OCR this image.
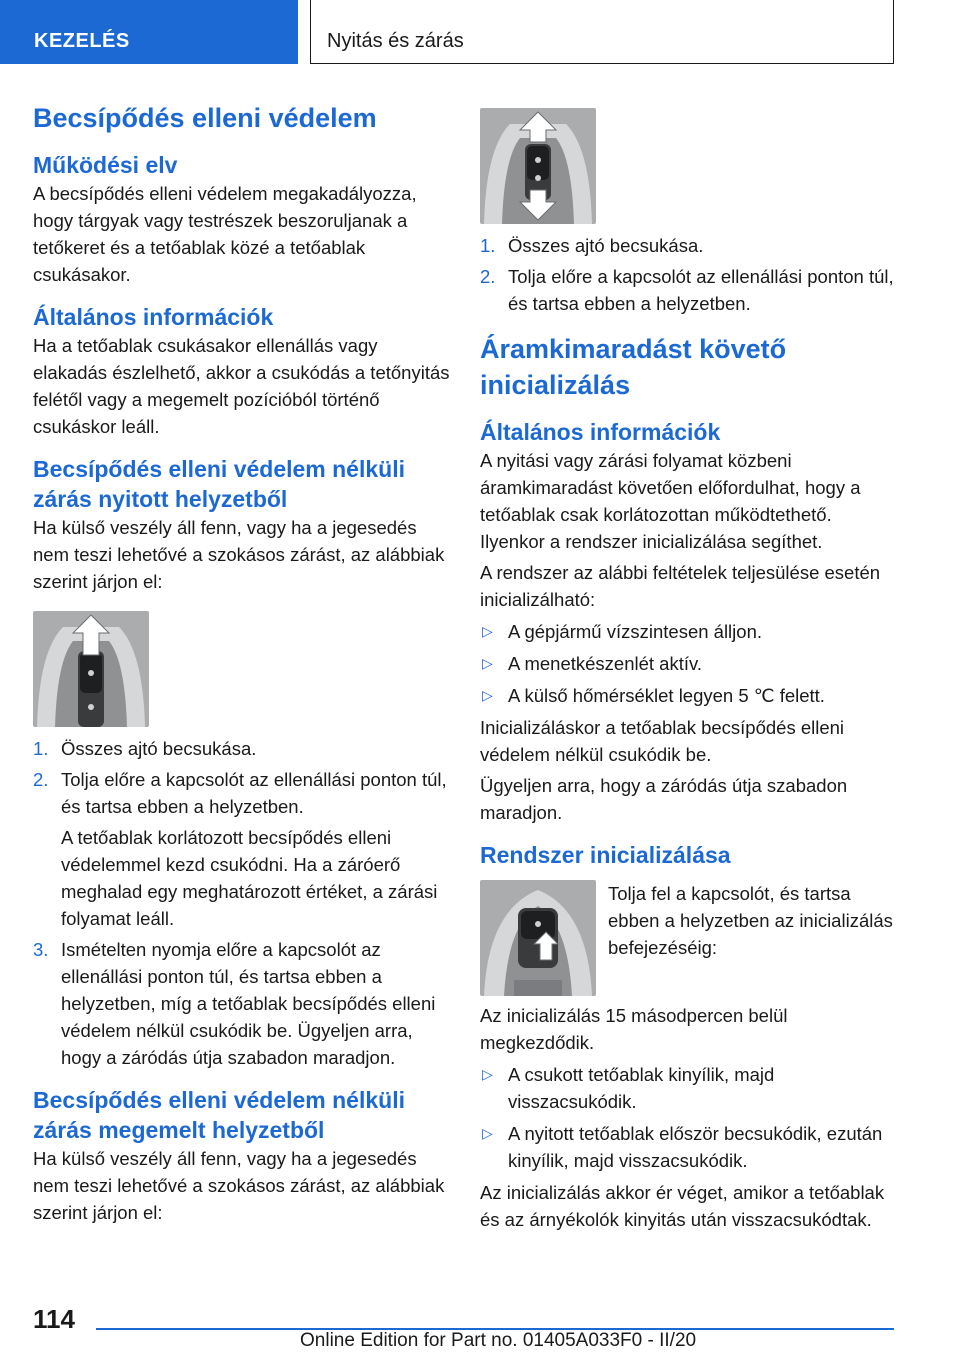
KEZELÉS	Nyitás és zárás
Becsípődés elleni védelem
Működési elv

A becsípődés elleni védelem megakadályozza, hogy tárgyak vagy testrészek beszoruljanak a tetőkeret és a tetőablak közé a tetőablak csukásakor.

Általános információk

Ha a tetőablak csukásakor ellenállás vagy elakadás észlelhető, akkor a csukódás a tetőnyitás felétől vagy a megemelt pozícióból történő csukáskor leáll.

Becsípődés elleni védelem nélküli zárás nyitott helyzetből

Ha külső veszély áll fenn, vagy ha a jegesedés nem teszi lehetővé a szokásos zárást, az alábbiak szerint járjon el:

1. Összes ajtó becsukása.
2. Tolja előre a kapcsolót az ellenállási ponton túl, és tartsa ebben a helyzetben.
A tetőablak korlátozott becsípődés elleni védelemmel kezd csukódni. Ha a záróerő meghalad egy meghatározott értéket, a zárási folyamat leáll.
3. Ismételten nyomja előre a kapcsolót az ellenállási ponton túl, és tartsa ebben a helyzetben, míg a tetőablak becsípődés elleni védelem nélkül csukódik be. Ügyeljen arra, hogy a záródás útja szabadon maradjon.
Becsípődés elleni védelem nélküli zárás megemelt helyzetből

Ha külső veszély áll fenn, vagy ha a jegesedés nem teszi lehetővé a szokásos zárást, az alábbiak szerint járjon el:

1. Összes ajtó becsukása.
2. Tolja előre a kapcsolót az ellenállási ponton túl, és tartsa ebben a helyzetben.
Áramkimaradást követő inicializálás
Általános információk

A nyitási vagy zárási folyamat közbeni áramkimaradást követően előfordulhat, hogy a tetőablak csak korlátozottan működtethető. Ilyenkor a rendszer inicializálása segíthet.

A rendszer az alábbi feltételek teljesülése esetén inicializálható:

▷ A gépjármű vízszintesen álljon.
▷ A menetkészenlét aktív.
▷ A külső hőmérséklet legyen 5 ℃ felett.

Inicializáláskor a tetőablak becsípődés elleni védelem nélkül csukódik be.

Ügyeljen arra, hogy a záródás útja szabadon maradjon.

Rendszer inicializálása

Tolja fel a kapcsolót, és tartsa ebben a helyzetben az inicializálás befejezéséig:

Az inicializálás 15 másodpercen belül megkezdődik.

▷ A csukott tetőablak kinyílik, majd visszacsukódik.
▷ A nyitott tetőablak először becsukódik, ezután kinyílik, majd visszacsukódik.

Az inicializálás akkor ér véget, amikor a tetőablak és az árnyékolók kinyitás után visszacsukódtak.

114
Online Edition for Part no. 01405A033F0 - II/20
